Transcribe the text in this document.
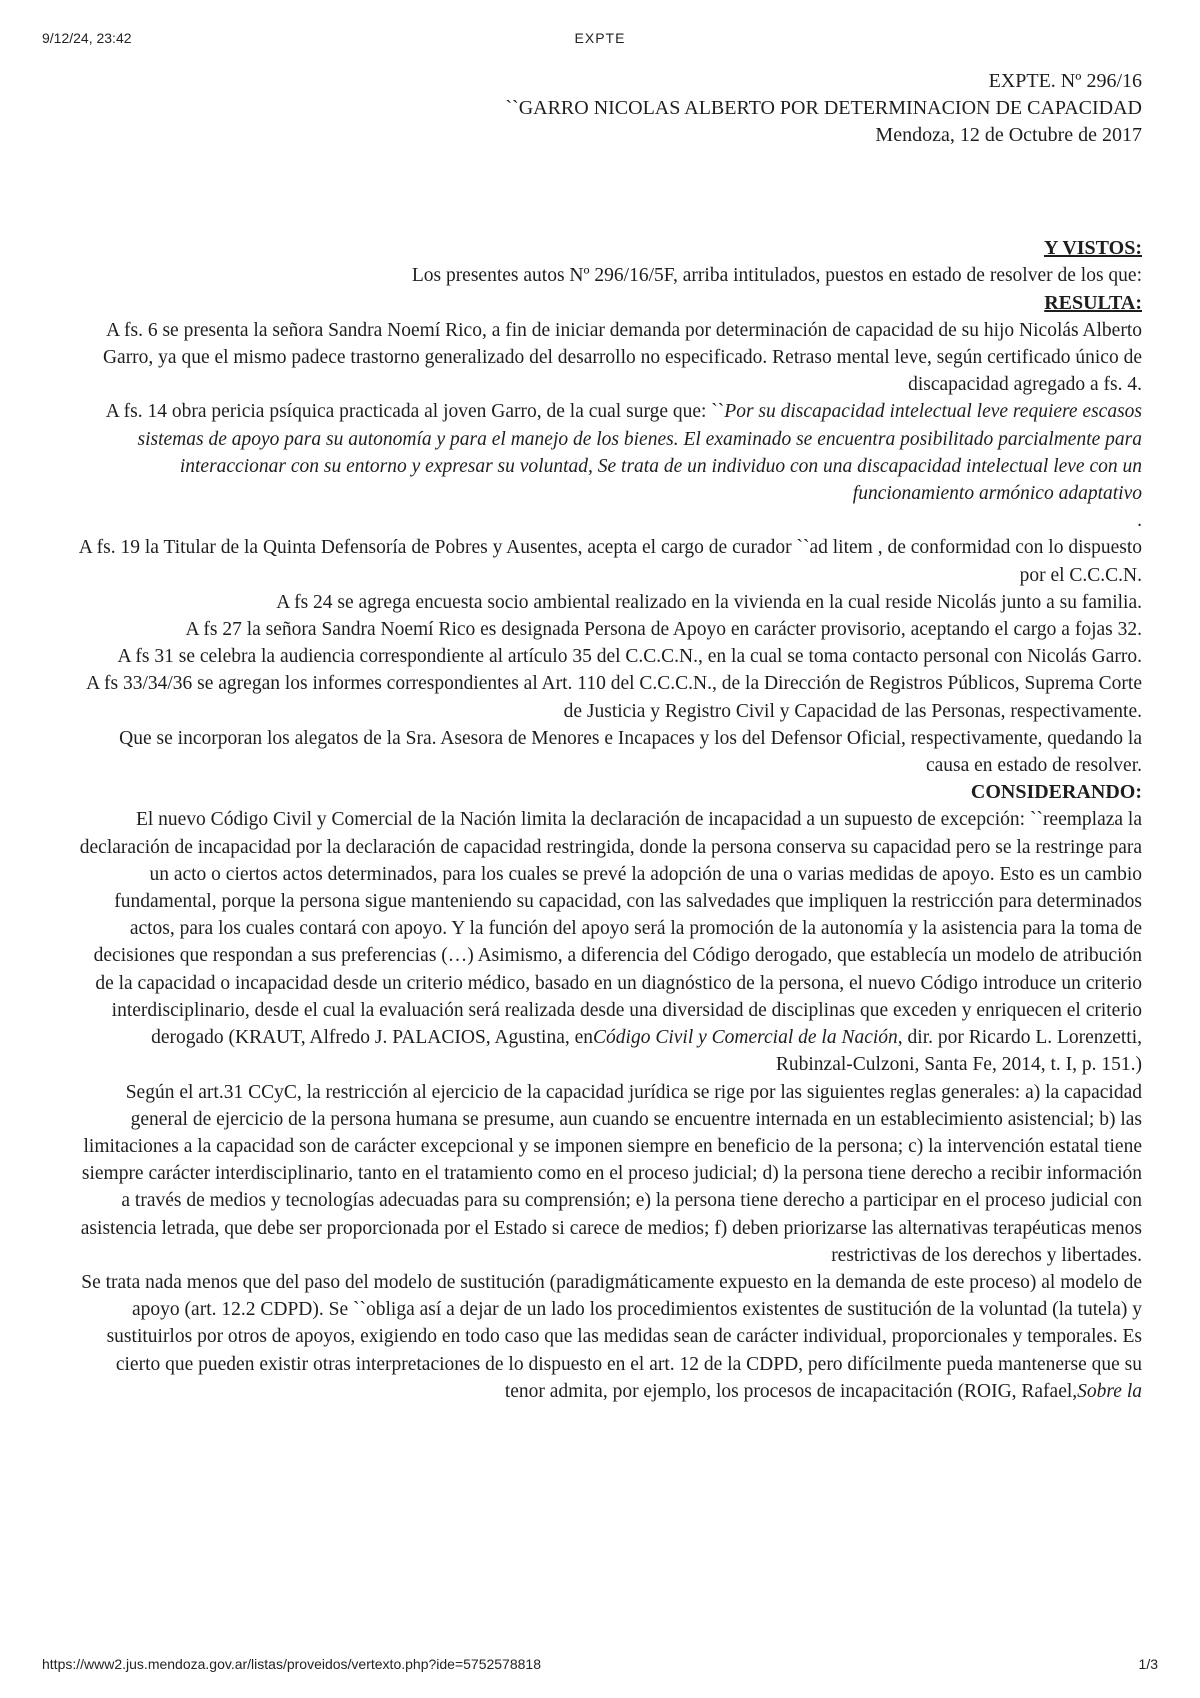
9/12/24, 23:42	EXPTE

EXPTE. Nº 296/16

``GARRO NICOLAS ALBERTO POR DETERMINACION DE CAPACIDAD

Mendoza, 12 de Octubre de 2017

Y VISTOS:

Los presentes autos Nº 296/16/5F, arriba intitulados, puestos en estado de resolver de los que:

RESULTA:

A fs. 6 se presenta la señora Sandra Noemí Rico, a fin de iniciar demanda por determinación de capacidad de su hijo Nicolás Alberto Garro, ya que el mismo padece trastorno generalizado del desarrollo no especificado. Retraso mental leve, según certificado único de discapacidad agregado a fs. 4.

A fs. 14 obra pericia psíquica practicada al joven Garro, de la cual surge que: ``Por su discapacidad intelectual leve requiere escasos sistemas de apoyo para su autonomía y para el manejo de los bienes. El examinado se encuentra posibilitado parcialmente para interaccionar con su entorno y expresar su voluntad, Se trata de un individuo con una discapacidad intelectual leve con un funcionamiento armónico adaptativo
.

A fs. 19 la Titular de la Quinta Defensoría de Pobres y Ausentes, acepta el cargo de curador ``ad litem , de conformidad con lo dispuesto por el C.C.C.N.

A fs 24 se agrega encuesta socio ambiental realizado en la vivienda en la cual reside Nicolás junto a su familia.

A fs 27 la señora Sandra Noemí Rico es designada Persona de Apoyo en carácter provisorio, aceptando el cargo a fojas 32.

A fs 31 se celebra la audiencia correspondiente al artículo 35 del C.C.C.N., en la cual se toma contacto personal con Nicolás Garro.

A fs 33/34/36 se agregan los informes correspondientes al Art. 110 del C.C.C.N., de la Dirección de Registros Públicos, Suprema Corte de Justicia y Registro Civil y Capacidad de las Personas, respectivamente.

Que se incorporan los alegatos de la Sra. Asesora de Menores e Incapaces y los del Defensor Oficial, respectivamente, quedando la causa en estado de resolver.

CONSIDERANDO:

El nuevo Código Civil y Comercial de la Nación limita la declaración de incapacidad a un supuesto de excepción: ``reemplaza la declaración de incapacidad por la declaración de capacidad restringida, donde la persona conserva su capacidad pero se la restringe para un acto o ciertos actos determinados, para los cuales se prevé la adopción de una o varias medidas de apoyo. Esto es un cambio fundamental, porque la persona sigue manteniendo su capacidad, con las salvedades que impliquen la restricción para determinados actos, para los cuales contará con apoyo. Y la función del apoyo será la promoción de la autonomía y la asistencia para la toma de decisiones que respondan a sus preferencias (…) Asimismo, a diferencia del Código derogado, que establecía un modelo de atribución de la capacidad o incapacidad desde un criterio médico, basado en un diagnóstico de la persona, el nuevo Código introduce un criterio interdisciplinario, desde el cual la evaluación será realizada desde una diversidad de disciplinas que exceden y enriquecen el criterio derogado (KRAUT, Alfredo J. PALACIOS, Agustina, enCódigo Civil y Comercial de la Nación, dir. por Ricardo L. Lorenzetti, Rubinzal-Culzoni, Santa Fe, 2014, t. I, p. 151.)

Según el art.31 CCyC, la restricción al ejercicio de la capacidad jurídica se rige por las siguientes reglas generales: a) la capacidad general de ejercicio de la persona humana se presume, aun cuando se encuentre internada en un establecimiento asistencial; b) las limitaciones a la capacidad son de carácter excepcional y se imponen siempre en beneficio de la persona; c) la intervención estatal tiene siempre carácter interdisciplinario, tanto en el tratamiento como en el proceso judicial; d) la persona tiene derecho a recibir información a través de medios y tecnologías adecuadas para su comprensión; e) la persona tiene derecho a participar en el proceso judicial con asistencia letrada, que debe ser proporcionada por el Estado si carece de medios; f) deben priorizarse las alternativas terapéuticas menos restrictivas de los derechos y libertades.

Se trata nada menos que del paso del modelo de sustitución (paradigmáticamente expuesto en la demanda de este proceso) al modelo de apoyo (art. 12.2 CDPD). Se ``obliga así a dejar de un lado los procedimientos existentes de sustitución de la voluntad (la tutela) y sustituirlos por otros de apoyos, exigiendo en todo caso que las medidas sean de carácter individual, proporcionales y temporales. Es cierto que pueden existir otras interpretaciones de lo dispuesto en el art. 12 de la CDPD, pero difícilmente pueda mantenerse que su tenor admita, por ejemplo, los procesos de incapacitación (ROIG, Rafael,Sobre la

https://www2.jus.mendoza.gov.ar/listas/proveidos/vertexto.php?ide=5752578818	1/3
